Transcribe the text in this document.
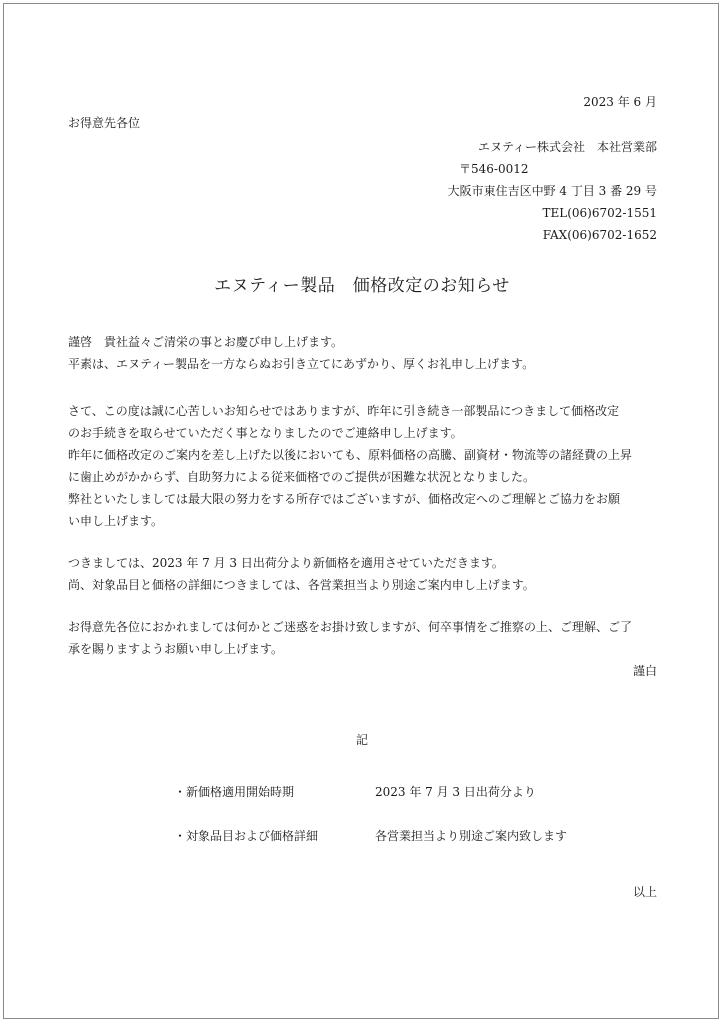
2023 年 6 月
お得意先各位
エヌティー株式会社　本社営業部
〒546-0012
大阪市東住吉区中野 4 丁目 3 番 29 号
TEL(06)6702-1551
FAX(06)6702-1652
エヌティー製品　価格改定のお知らせ
謹啓　貴社益々ご清栄の事とお慶び申し上げます。
平素は、エヌティー製品を一方ならぬお引き立てにあずかり、厚くお礼申し上げます。
さて、この度は誠に心苦しいお知らせではありますが、昨年に引き続き一部製品につきまして価格改定
のお手続きを取らせていただく事となりましたのでご連絡申し上げます。
昨年に価格改定のご案内を差し上げた以後においても、原料価格の高騰、副資材・物流等の諸経費の上昇
に歯止めがかからず、自助努力による従来価格でのご提供が困難な状況となりました。
弊社といたしましては最大限の努力をする所存ではございますが、価格改定へのご理解とご協力をお願
い申し上げます。
つきましては、2023 年 7 月 3 日出荷分より新価格を適用させていただきます。
尚、対象品目と価格の詳細につきましては、各営業担当より別途ご案内申し上げます。
お得意先各位におかれましては何かとご迷惑をお掛け致しますが、何卒事情をご推察の上、ご理解、ご了
承を賜りますようお願い申し上げます。
謹白
記
・新価格適用開始時期	2023 年 7 月 3 日出荷分より
・対象品目および価格詳細	各営業担当より別途ご案内致します
以上
